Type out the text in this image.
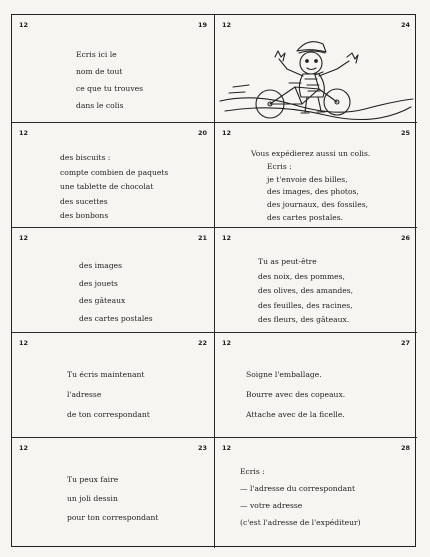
12	19
Ecris ici le
nom de tout
ce que tu trouves
dans le colis
12	24
12	20
des biscuits :
compte combien de paquets
une tablette de chocolat
des sucettes
des bonbons
12	25
Vous expédierez aussi un colis.
Ecris :
je t'envoie des billes,
des images, des photos,
des journaux, des fossiles,
des cartes postales.
12	21
des images
des jouets
des gâteaux
des cartes postales
12	26
Tu as peut-être
des noix, des pommes,
des olives, des amandes,
des feuilles, des racines,
des fleurs, des gâteaux.
12	22
Tu écris maintenant
l'adresse
de ton correspondant
12	27
Soigne l'emballage.
Bourre avec des copeaux.
Attache avec de la ficelle.
12	23
Tu peux faire
un joli dessin
pour ton correspondant
12	28
Ecris :
— l'adresse du correspondant
— votre adresse
(c'est l'adresse de l'expéditeur)
